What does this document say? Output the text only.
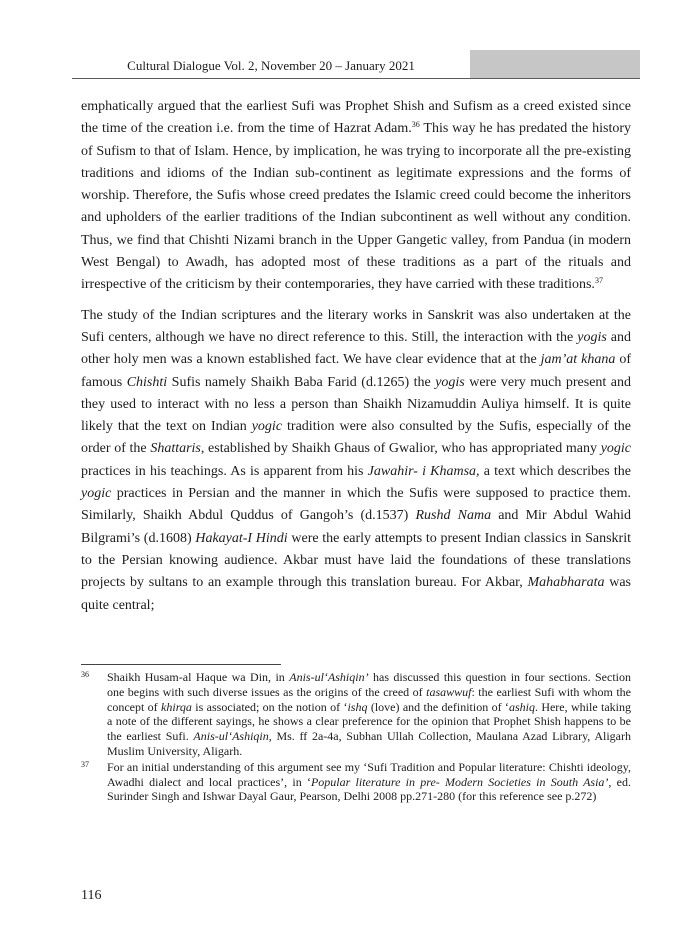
Cultural Dialogue Vol. 2, November 20 – January 2021

emphatically argued that the earliest Sufi was Prophet Shish and Sufism as a creed existed since the time of the creation i.e. from the time of Hazrat Adam.$^{36}$ This way he has predated the history of Sufism to that of Islam. Hence, by implication, he was trying to incorporate all the pre-existing traditions and idioms of the Indian sub-continent as legitimate expressions and the forms of worship. Therefore, the Sufis whose creed predates the Islamic creed could become the inheritors and upholders of the earlier traditions of the Indian subcontinent as well without any condition. Thus, we find that Chishti Nizami branch in the Upper Gangetic valley, from Pandua (in modern West Bengal) to Awadh, has adopted most of these traditions as a part of the rituals and irrespective of the criticism by their contemporaries, they have carried with these traditions.$^{37}$

The study of the Indian scriptures and the literary works in Sanskrit was also undertaken at the Sufi centers, although we have no direct reference to this. Still, the interaction with the yogis and other holy men was a known established fact. We have clear evidence that at the jam’at khana of famous Chishti Sufis namely Shaikh Baba Farid (d.1265) the yogis were very much present and they used to interact with no less a person than Shaikh Nizamuddin Auliya himself. It is quite likely that the text on Indian yogic tradition were also consulted by the Sufis, especially of the order of the Shattaris, established by Shaikh Ghaus of Gwalior, who has appropriated many yogic practices in his teachings. As is apparent from his Jawahir- i Khamsa, a text which describes the yogic practices in Persian and the manner in which the Sufis were supposed to practice them. Similarly, Shaikh Abdul Quddus of Gangoh’s (d.1537) Rushd Nama and Mir Abdul Wahid Bilgrami’s (d.1608) Hakayat-I Hindi were the early attempts to present Indian classics in Sanskrit to the Persian knowing audience. Akbar must have laid the foundations of these translations projects by sultans to an example through this translation bureau. For Akbar, Mahabharata was quite central;

36 Shaikh Husam-al Haque wa Din, in Anis-ul‘Ashiqin’ has discussed this question in four sections. Section one begins with such diverse issues as the origins of the creed of tasawwuf: the earliest Sufi with whom the concept of khirqa is associated; on the notion of ‘ishq (love) and the definition of ‘ashiq. Here, while taking a note of the different sayings, he shows a clear preference for the opinion that Prophet Shish happens to be the earliest Sufi. Anis-ul‘Ashiqin, Ms. ff 2a-4a, Subhan Ullah Collection, Maulana Azad Library, Aligarh Muslim University, Aligarh.
37 For an initial understanding of this argument see my ‘Sufi Tradition and Popular literature: Chishti ideology, Awadhi dialect and local practices’, in ‘Popular literature in pre- Modern Societies in South Asia’, ed. Surinder Singh and Ishwar Dayal Gaur, Pearson, Delhi 2008 pp.271-280 (for this reference see p.272)
116
